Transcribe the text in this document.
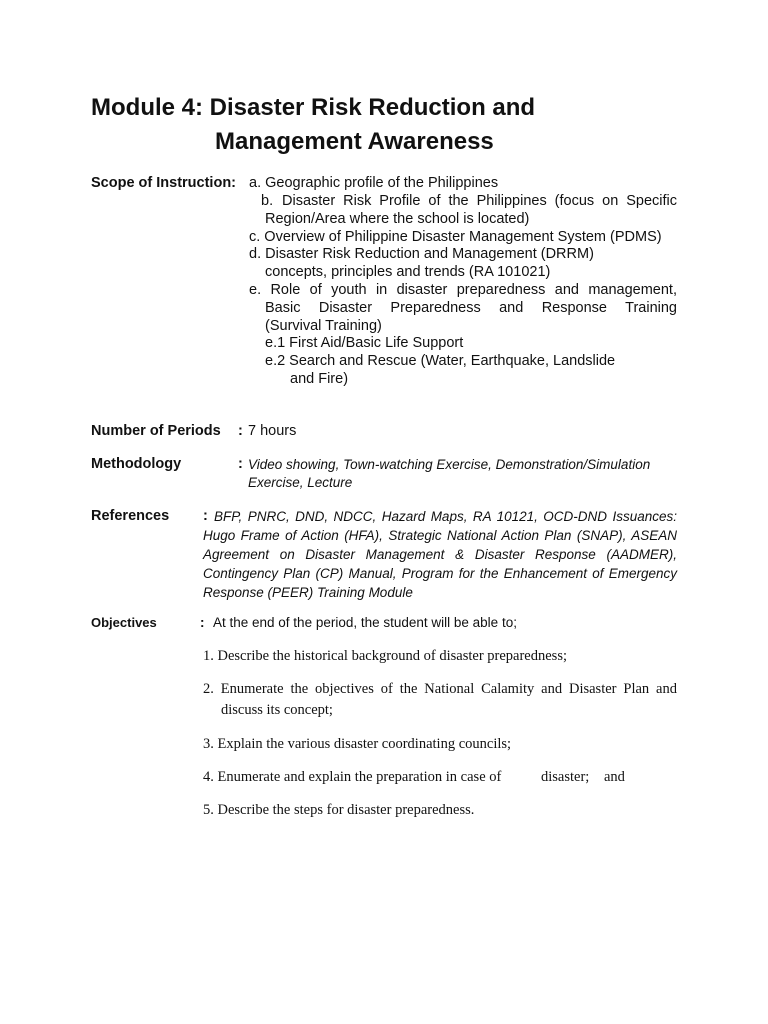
Module 4: Disaster Risk Reduction and
Management Awareness
Scope of Instruction: a. Geographic profile of the Philippines
b. Disaster Risk Profile of the Philippines (focus on Specific
Region/Area where the school is located)
c. Overview of Philippine Disaster Management System (PDMS)
d. Disaster Risk Reduction and Management (DRRM)
concepts, principles and trends (RA 101021)
e. Role of youth in disaster preparedness and management,
Basic Disaster Preparedness and Response Training
(Survival Training)
e.1 First Aid/Basic Life Support
e.2 Search and Rescue (Water, Earthquake, Landslide
and Fire)
Number of Periods : 7 hours
Methodology	: Video showing, Town-watching Exercise, Demonstration/Simulation
Exercise, Lecture
References : BFP, PNRC, DND, NDCC, Hazard Maps, RA 10121, OCD-DND Issuances:
Hugo Frame of Action (HFA), Strategic National Action Plan (SNAP), ASEAN
Agreement on Disaster Management & Disaster Response (AADMER),
Contingency Plan (CP) Manual, Program for the Enhancement of Emergency
Response (PEER) Training Module
Objectives	: At the end of the period, the student will be able to;
1. Describe the historical background of disaster preparedness;
2. Enumerate the objectives of the National Calamity and Disaster Plan and
discuss its concept;
3. Explain the various disaster coordinating councils;
4. Enumerate and explain the preparation in case of	disaster; and
5. Describe the steps for disaster preparedness.
